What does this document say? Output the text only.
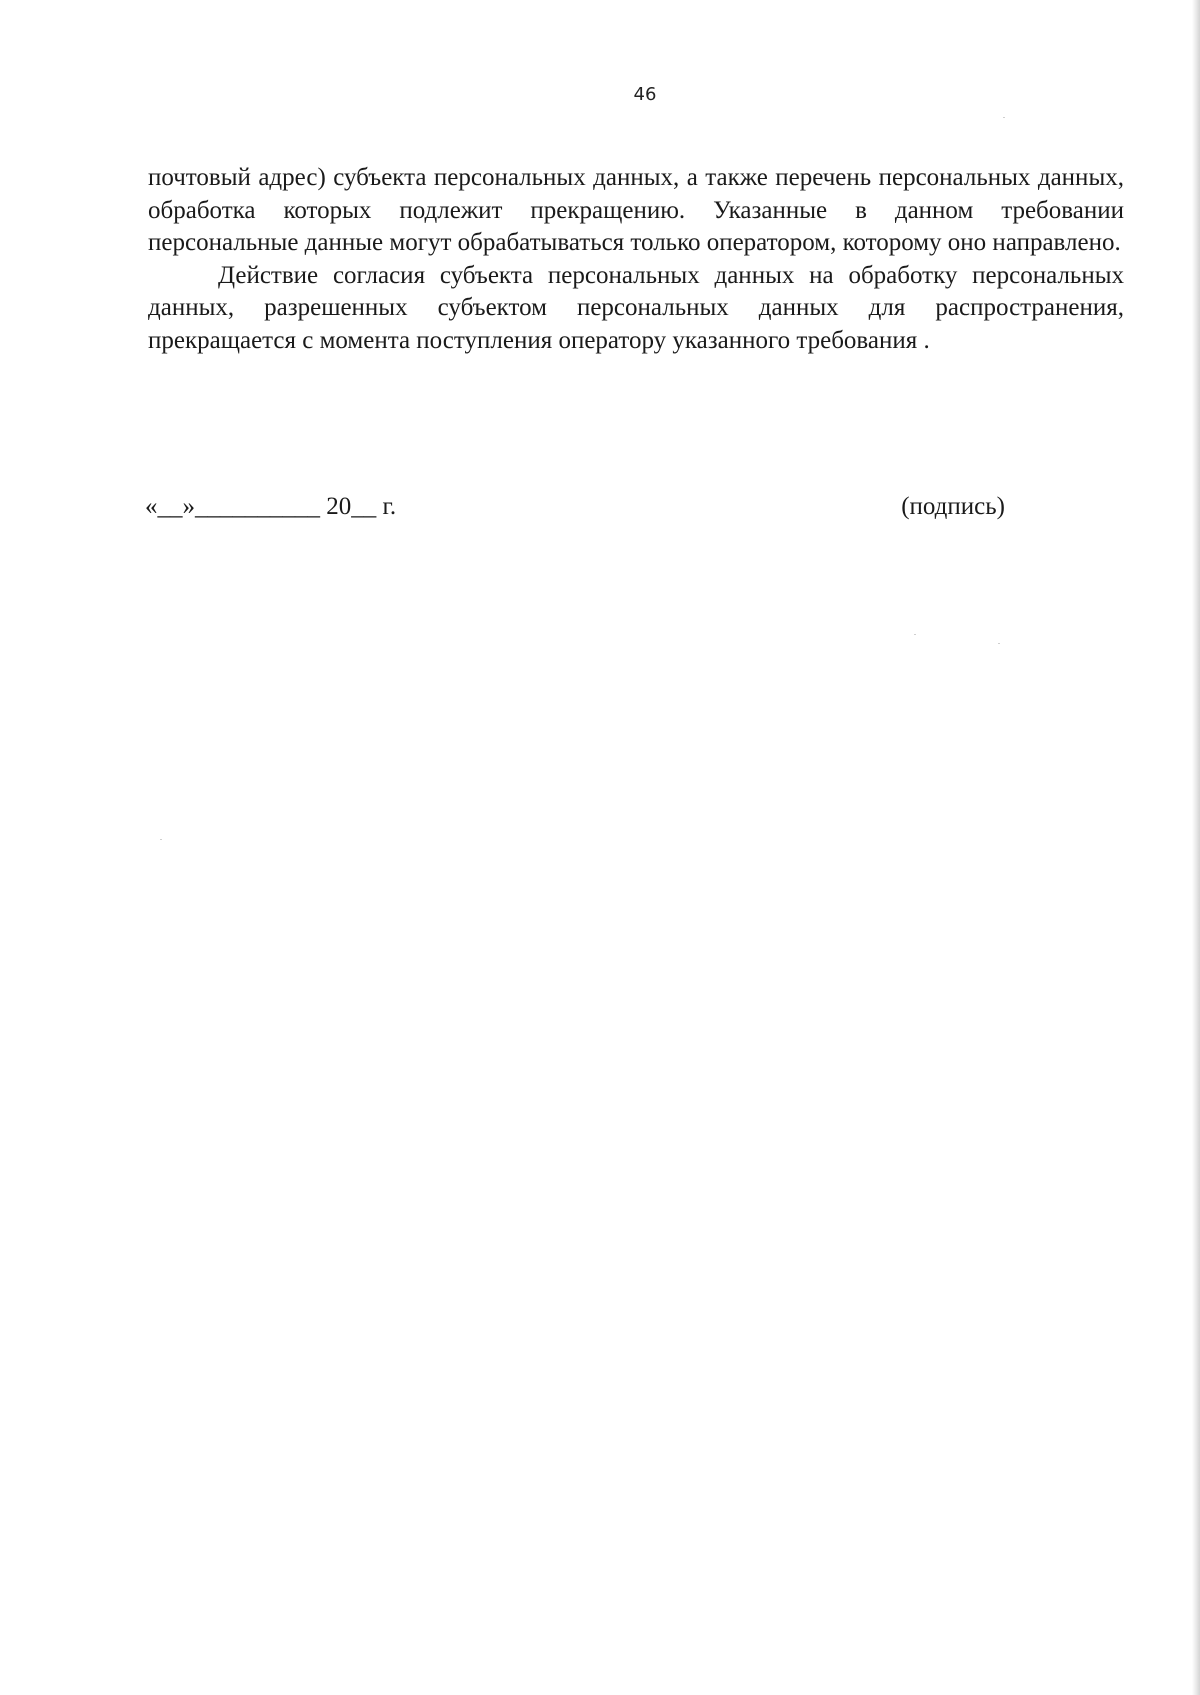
46

почтовый адрес) субъекта персональных данных, а также перечень персональных данных, обработка которых подлежит прекращению. Указанные в данном требовании персональные данные могут обрабатываться только оператором, которому оно направлено.

Действие согласия субъекта персональных данных на обработку персональных данных, разрешенных субъектом персональных данных для распространения, прекращается с момента поступления оператору указанного требования .

«__»__________ 20__ г.	(подпись)
